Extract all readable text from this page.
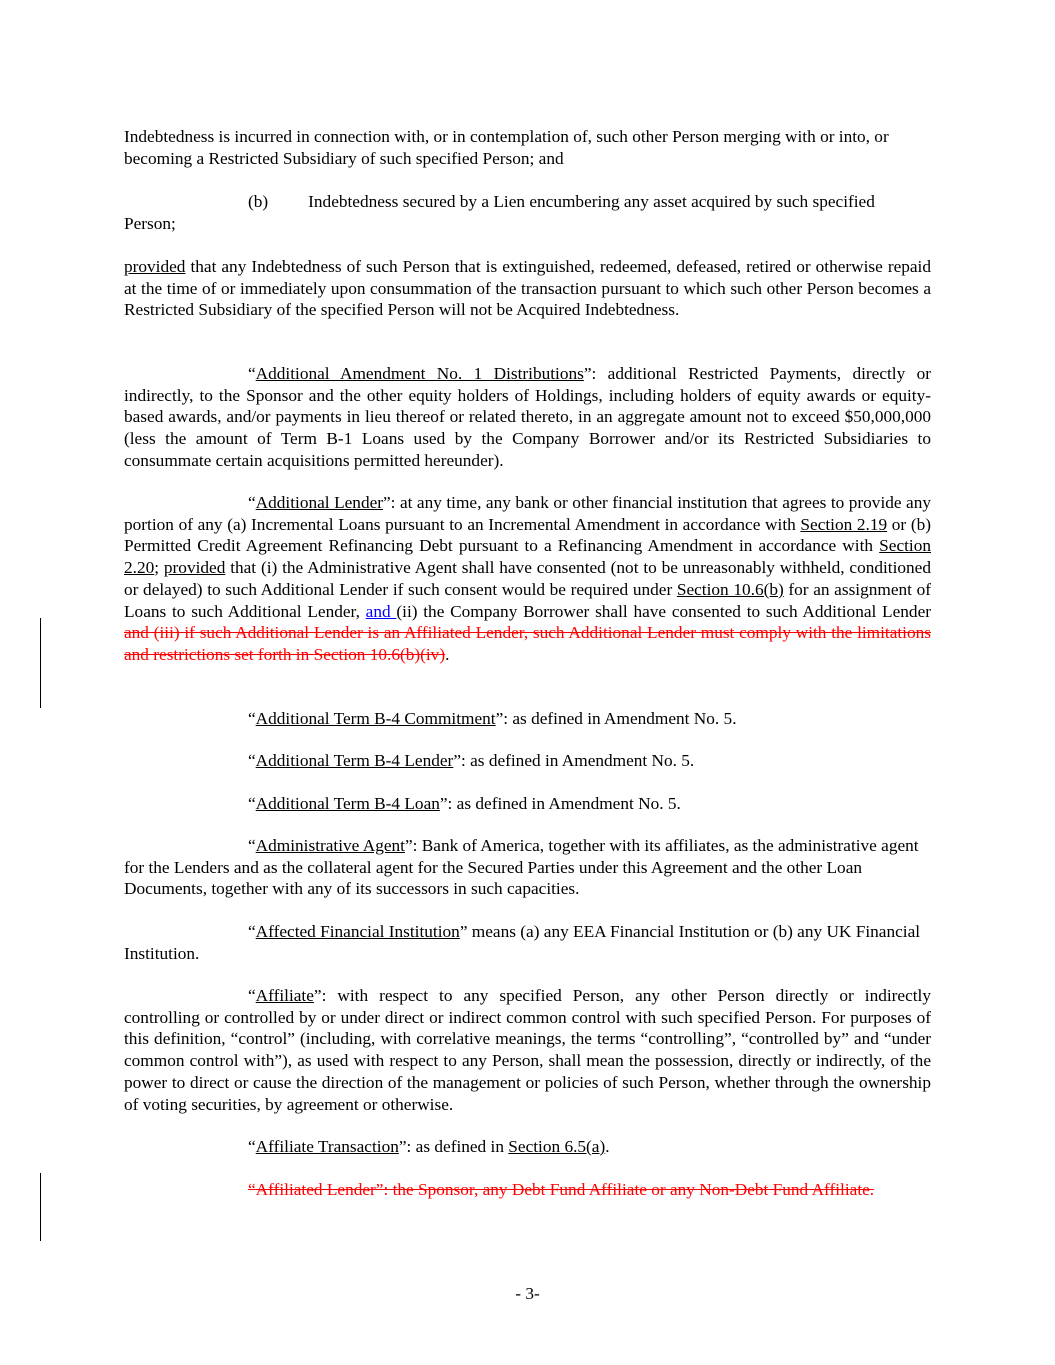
Indebtedness is incurred in connection with, or in contemplation of, such other Person merging with or into, or becoming a Restricted Subsidiary of such specified Person; and

(b) Indebtedness secured by a Lien encumbering any asset acquired by such specified Person;

provided that any Indebtedness of such Person that is extinguished, redeemed, defeased, retired or otherwise repaid at the time of or immediately upon consummation of the transaction pursuant to which such other Person becomes a Restricted Subsidiary of the specified Person will not be Acquired Indebtedness.

“Additional Amendment No. 1 Distributions”: additional Restricted Payments, directly or indirectly, to the Sponsor and the other equity holders of Holdings, including holders of equity awards or equity-based awards, and/or payments in lieu thereof or related thereto, in an aggregate amount not to exceed $50,000,000 (less the amount of Term B-1 Loans used by the Company Borrower and/or its Restricted Subsidiaries to consummate certain acquisitions permitted hereunder).

“Additional Lender”: at any time, any bank or other financial institution that agrees to provide any portion of any (a) Incremental Loans pursuant to an Incremental Amendment in accordance with Section 2.19 or (b) Permitted Credit Agreement Refinancing Debt pursuant to a Refinancing Amendment in accordance with Section 2.20; provided that (i) the Administrative Agent shall have consented (not to be unreasonably withheld, conditioned or delayed) to such Additional Lender if such consent would be required under Section 10.6(b) for an assignment of Loans to such Additional Lender, and (ii) the Company Borrower shall have consented to such Additional Lender and (iii) if such Additional Lender is an Affiliated Lender, such Additional Lender must comply with the limitations and restrictions set forth in Section 10.6(b)(iv).

“Additional Term B-4 Commitment”: as defined in Amendment No. 5.

“Additional Term B-4 Lender”: as defined in Amendment No. 5.

“Additional Term B-4 Loan”: as defined in Amendment No. 5.

“Administrative Agent”: Bank of America, together with its affiliates, as the administrative agent for the Lenders and as the collateral agent for the Secured Parties under this Agreement and the other Loan Documents, together with any of its successors in such capacities.

“Affected Financial Institution” means (a) any EEA Financial Institution or (b) any UK Financial Institution.

“Affiliate”: with respect to any specified Person, any other Person directly or indirectly controlling or controlled by or under direct or indirect common control with such specified Person. For purposes of this definition, “control” (including, with correlative meanings, the terms “controlling”, “controlled by” and “under common control with”), as used with respect to any Person, shall mean the possession, directly or indirectly, of the power to direct or cause the direction of the management or policies of such Person, whether through the ownership of voting securities, by agreement or otherwise.

“Affiliate Transaction”: as defined in Section 6.5(a).

“Affiliated Lender”: the Sponsor, any Debt Fund Affiliate or any Non-Debt Fund Affiliate.

- 3-
